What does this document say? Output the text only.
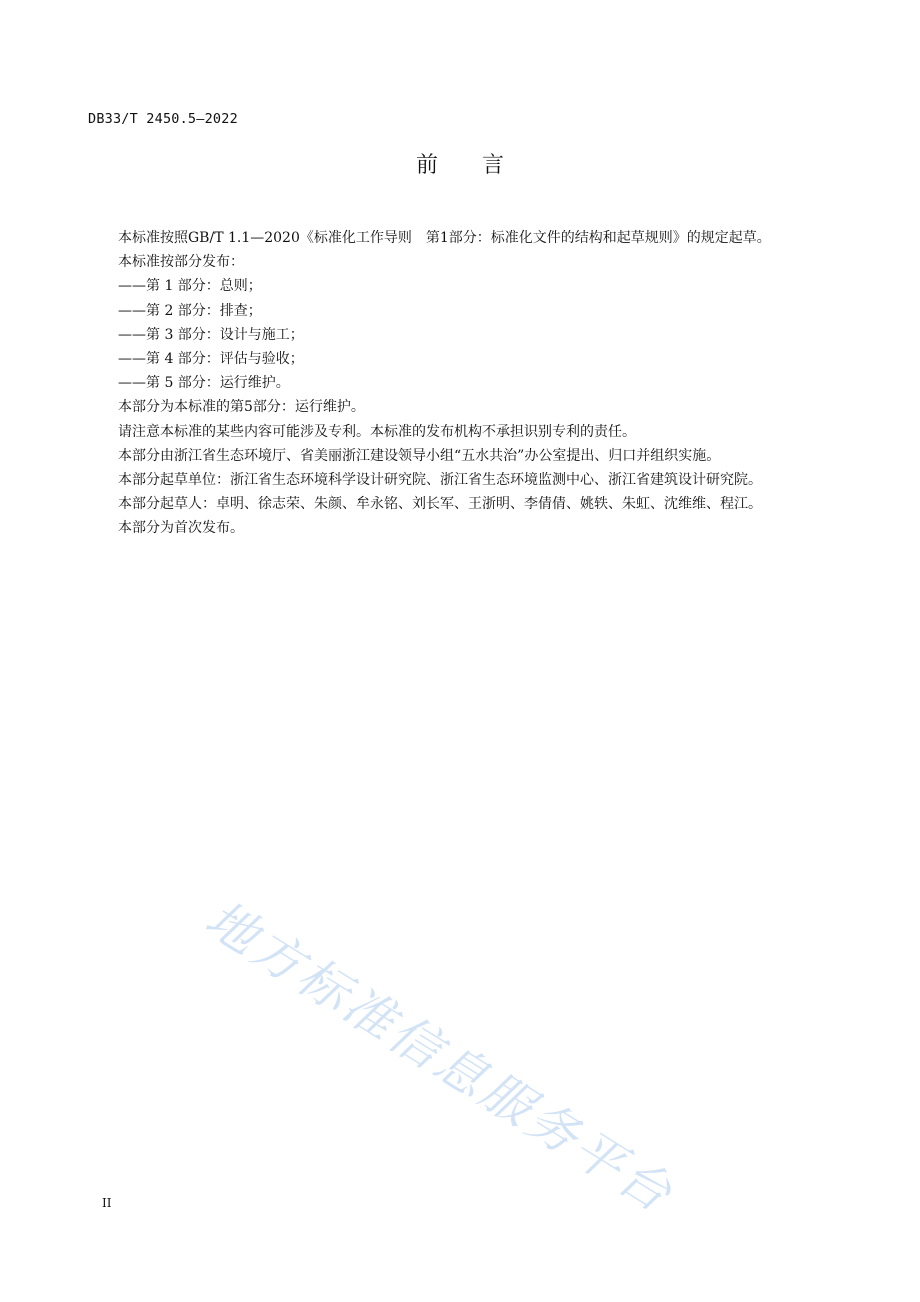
DB33/T 2450.5—2022
前言

本标准按照GB/T 1.1—2020《标准化工作导则　第1部分：标准化文件的结构和起草规则》的规定起草。

本标准按部分发布：

——第 1 部分：总则；

——第 2 部分：排查；

——第 3 部分：设计与施工；

——第 4 部分：评估与验收；

——第 5 部分：运行维护。

本部分为本标准的第5部分：运行维护。

请注意本标准的某些内容可能涉及专利。本标准的发布机构不承担识别专利的责任。

本部分由浙江省生态环境厅、省美丽浙江建设领导小组“五水共治”办公室提出、归口并组织实施。

本部分起草单位：浙江省生态环境科学设计研究院、浙江省生态环境监测中心、浙江省建筑设计研究院。

本部分起草人：卓明、徐志荣、朱颜、牟永铭、刘长军、王浙明、李倩倩、姚轶、朱虹、沈维维、程江。

本部分为首次发布。

地方标准信息服务平台
II
